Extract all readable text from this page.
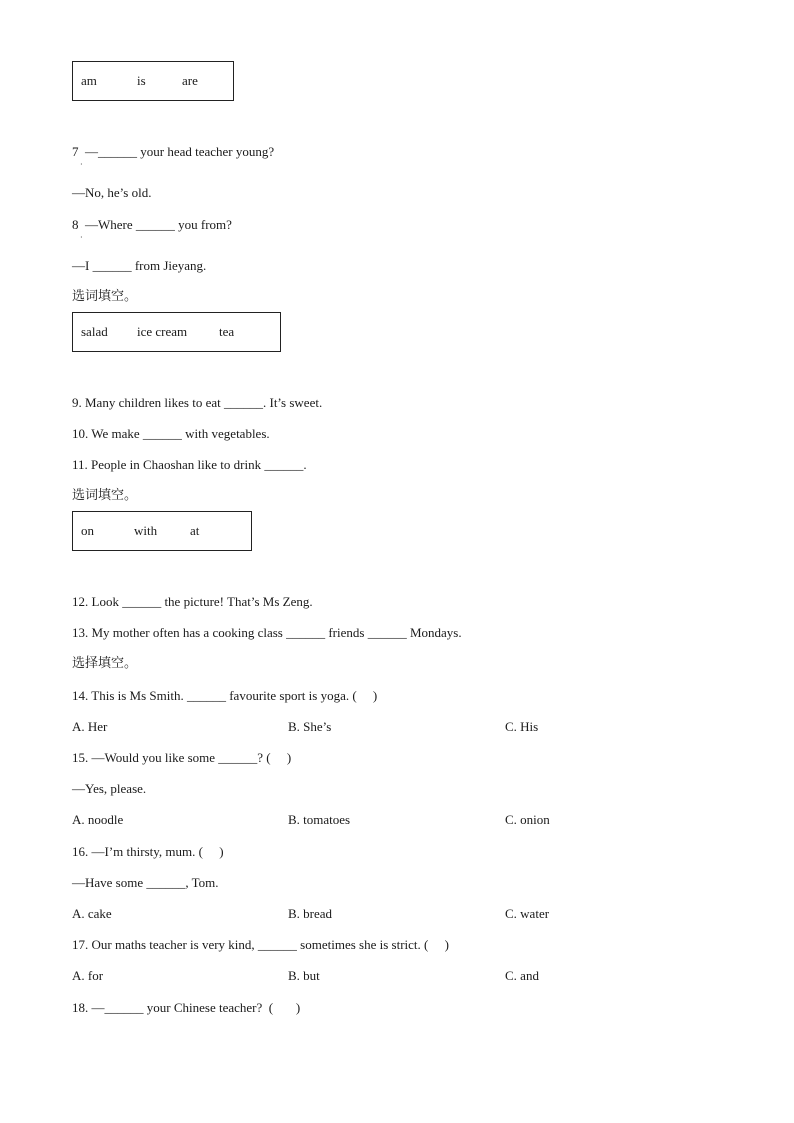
am	is	are
7  —______ your head teacher young?
·
—No, he’s old.
8  —Where ______ you from?
·
—I ______ from Jieyang.
选词填空。
salad	ice cream	tea
9. Many children likes to eat ______. It’s sweet.
10. We make ______ with vegetables.
11. People in Chaoshan like to drink ______.
选词填空。
on	with	at
12. Look ______ the picture! That’s Ms Zeng.
13. My mother often has a cooking class ______ friends ______ Mondays.
选择填空。
14. This is Ms Smith. ______ favourite sport is yoga. (     )
A. Her	B. She’s	C. His
15. —Would you like some ______? (     )
—Yes, please.
A. noodle	B. tomatoes	C. onion
16. —I’m thirsty, mum. (     )
—Have some ______, Tom.
A. cake	B. bread	C. water
17. Our maths teacher is very kind, ______ sometimes she is strict. (     )
A. for	B. but	C. and
18. —______ your Chinese teacher?  (       )
